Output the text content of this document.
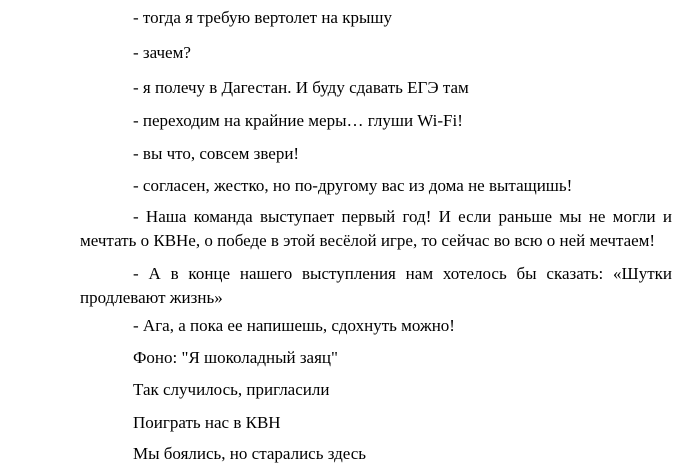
- тогда я требую вертолет на крышу

- зачем?

- я полечу в Дагестан. И буду сдавать ЕГЭ там

- переходим на крайние меры… глуши Wi-Fi!

- вы что, совсем звери!

- согласен, жестко, но по-другому вас из дома не вытащишь!

- Наша команда выступает первый год! И если раньше мы не могли и мечтать о КВНе, о победе в этой весёлой игре, то сейчас во всю о ней мечтаем!

- А в конце нашего выступления нам хотелось бы сказать: «Шутки продлевают жизнь»

- Ага, а пока ее напишешь, сдохнуть можно!

Фоно: "Я шоколадный заяц"

Так случилось, пригласили

Поиграть нас в КВН

Мы боялись, но старались здесь
